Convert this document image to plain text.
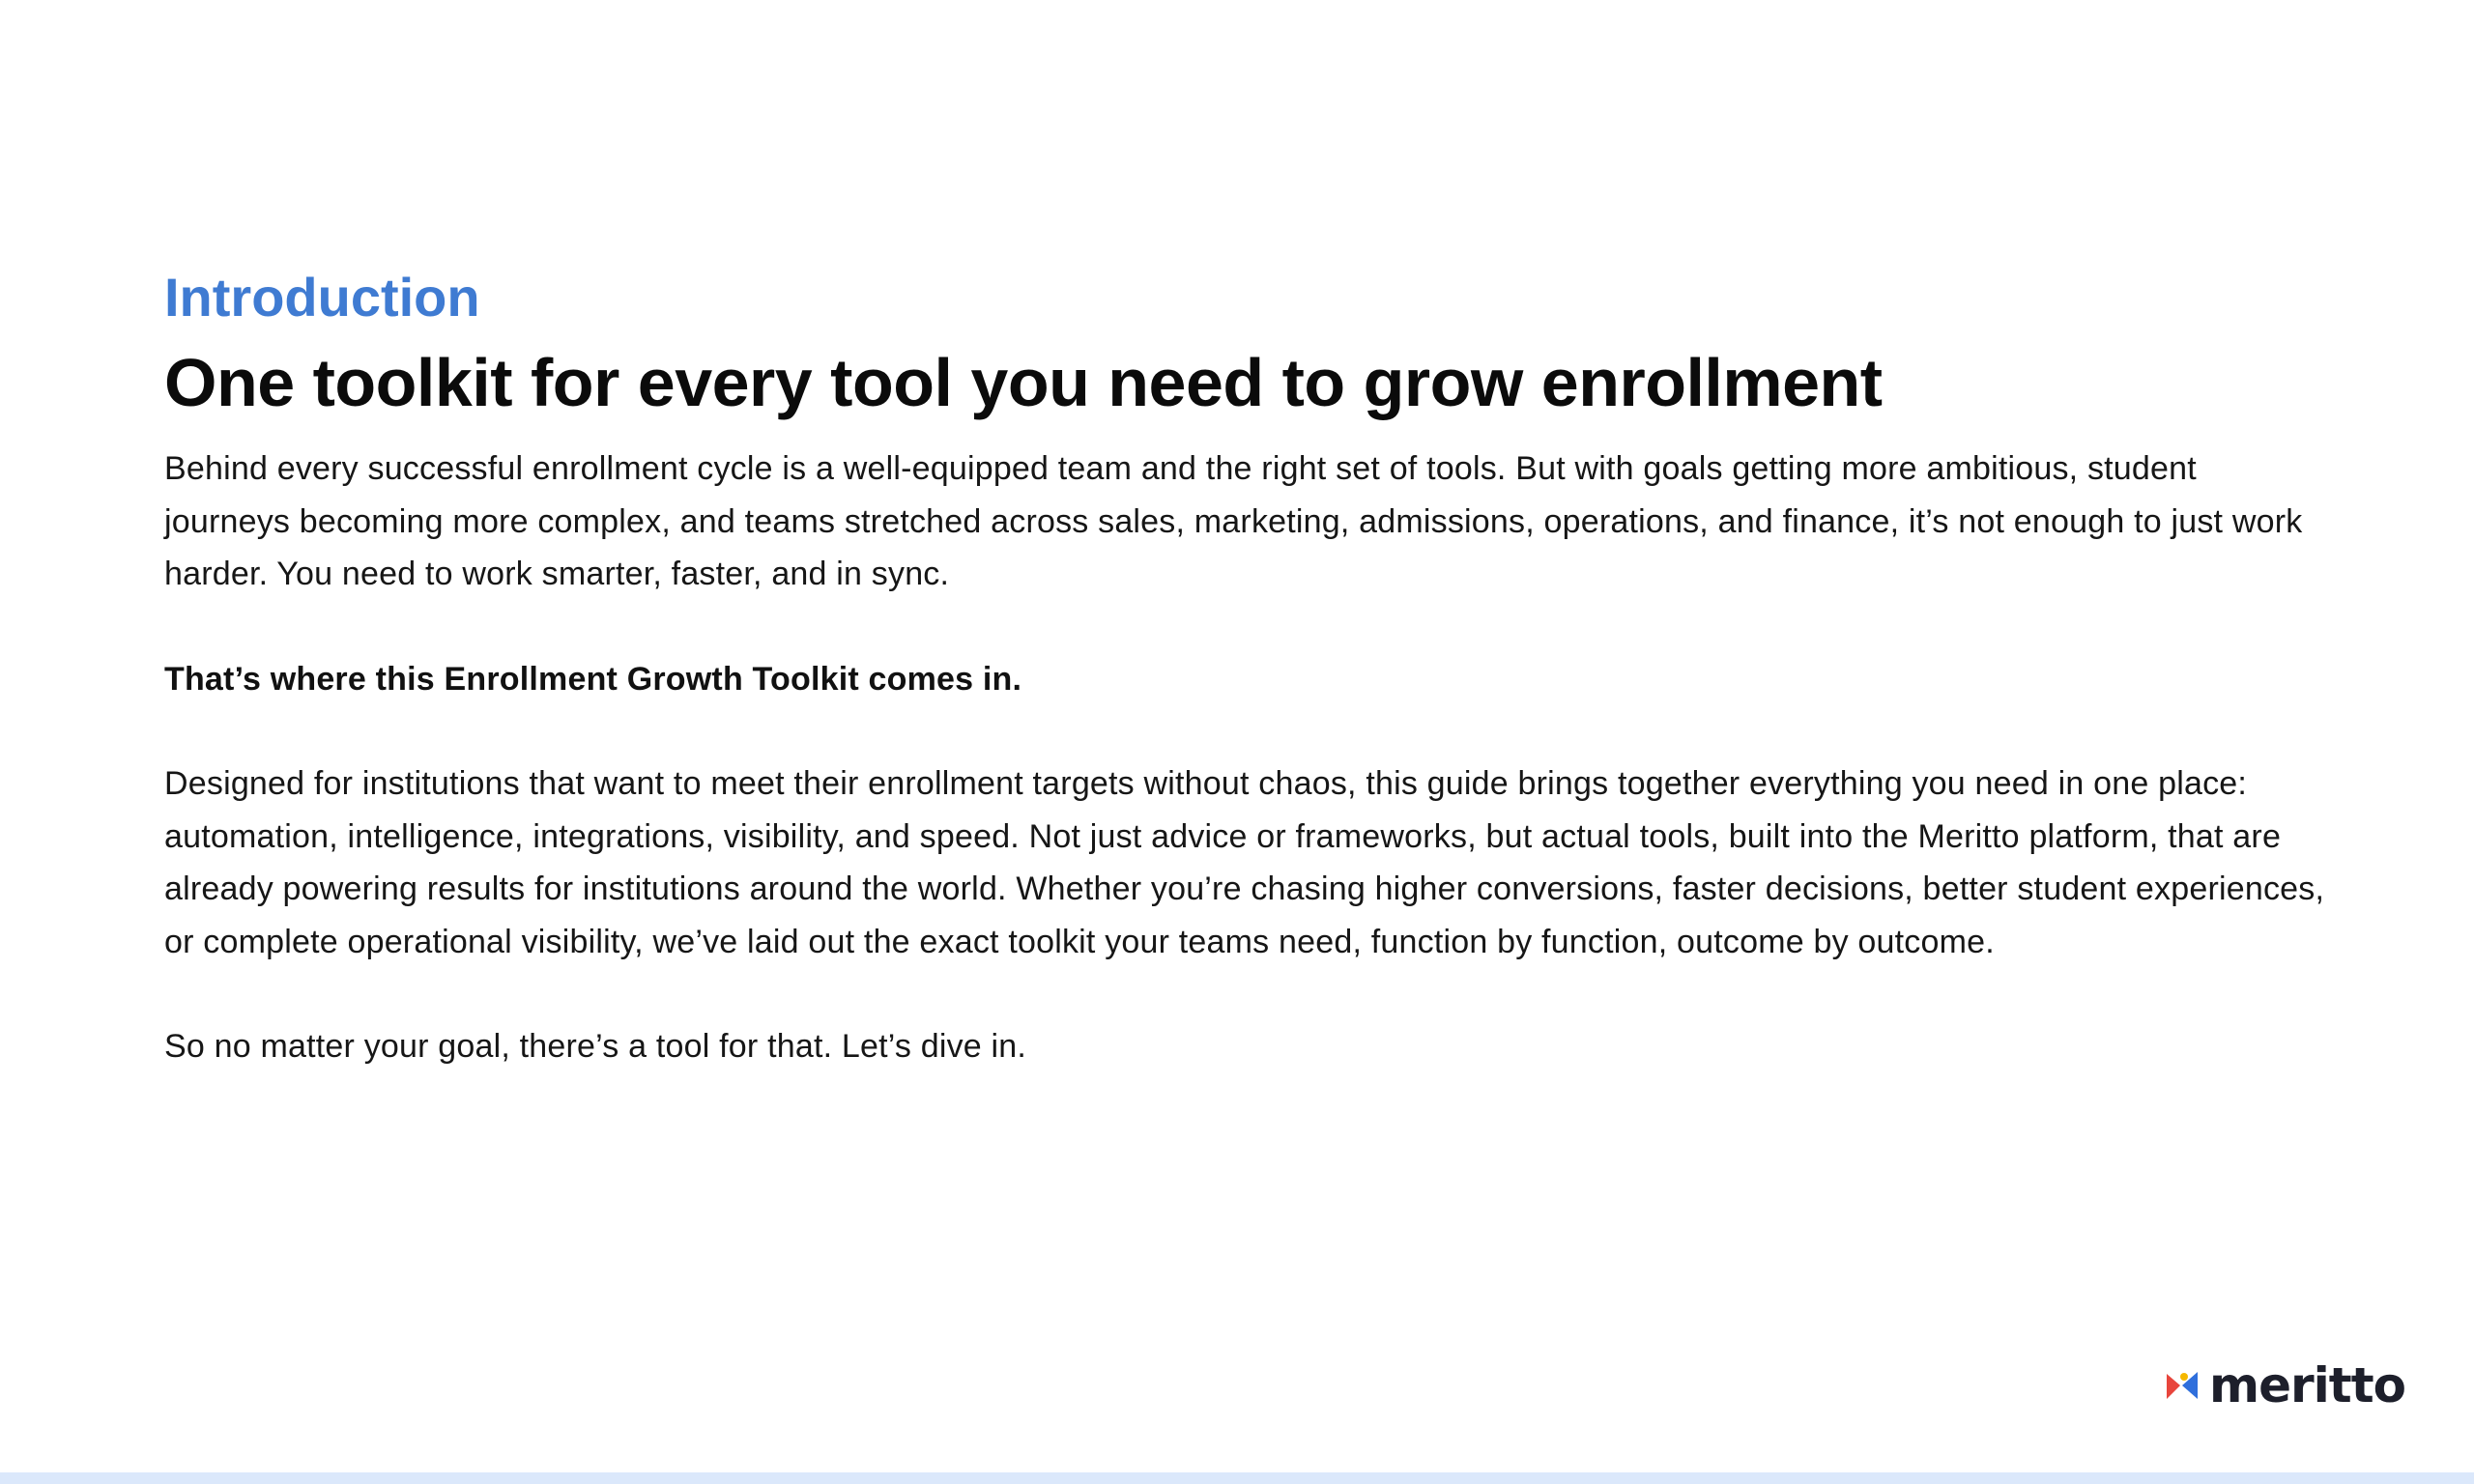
Introduction
One toolkit for every tool you need to grow enrollment

Behind every successful enrollment cycle is a well-equipped team and the right set of tools. But with goals getting more ambitious, student journeys becoming more complex, and teams stretched across sales, marketing, admissions, operations, and finance, it’s not enough to just work harder. You need to work smarter, faster, and in sync.

That’s where this Enrollment Growth Toolkit comes in.

Designed for institutions that want to meet their enrollment targets without chaos, this guide brings together everything you need in one place: automation, intelligence, integrations, visibility, and speed. Not just advice or frameworks, but actual tools, built into the Meritto platform, that are already powering results for institutions around the world. Whether you’re chasing higher conversions, faster decisions, better student experiences, or complete operational visibility, we’ve laid out the exact toolkit your teams need, function by function, outcome by outcome.

So no matter your goal, there’s a tool for that. Let’s dive in.

meritto
